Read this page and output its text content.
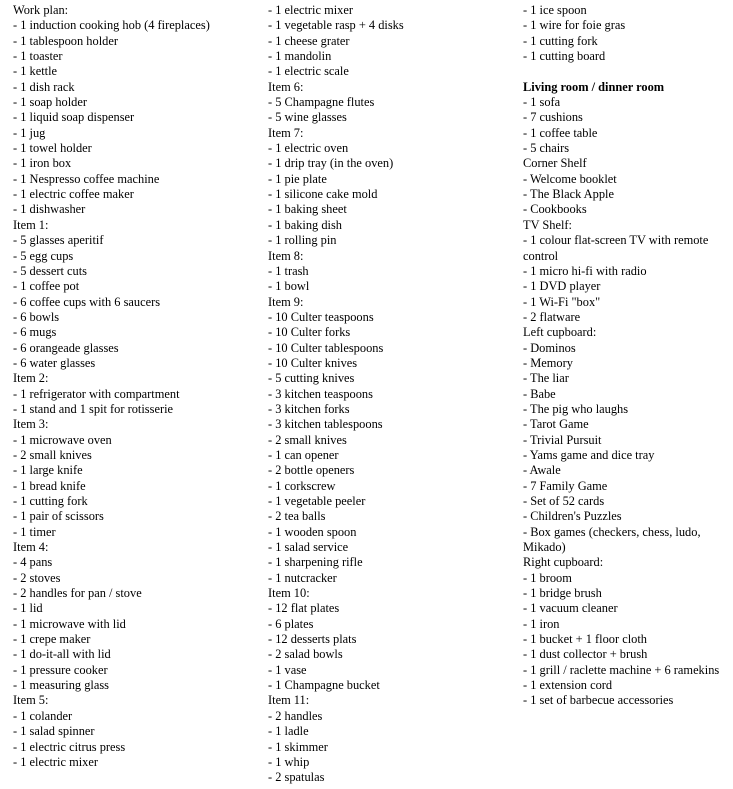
Work plan:
- 1 induction cooking hob (4 fireplaces)
- 1 tablespoon holder
- 1 toaster
- 1 kettle
- 1 dish rack
- 1 soap holder
- 1 liquid soap dispenser
- 1 jug
- 1 towel holder
- 1 iron box
- 1 Nespresso coffee machine
- 1 electric coffee maker
- 1 dishwasher
Item 1:
- 5 glasses aperitif
- 5 egg cups
- 5 dessert cuts
- 1 coffee pot
- 6 coffee cups with 6 saucers
- 6 bowls
- 6 mugs
- 6 orangeade glasses
- 6 water glasses
Item 2:
- 1 refrigerator with compartment
- 1 stand and 1 spit for rotisserie
Item 3:
- 1 microwave oven
- 2 small knives
- 1 large knife
- 1 bread knife
- 1 cutting fork
- 1 pair of scissors
- 1 timer
Item 4:
- 4 pans
- 2 stoves
- 2 handles for pan / stove
- 1 lid
- 1 microwave with lid
- 1 crepe maker
- 1 do-it-all with lid
- 1 pressure cooker
- 1 measuring glass
Item 5:
- 1 colander
- 1 salad spinner
- 1 electric citrus press
- 1 electric mixer
- 1 electric mixer
- 1 vegetable rasp + 4 disks
- 1 cheese grater
- 1 mandolin
- 1 electric scale
Item 6:
- 5 Champagne flutes
- 5 wine glasses
Item 7:
- 1 electric oven
- 1 drip tray (in the oven)
- 1 pie plate
- 1 silicone cake mold
- 1 baking sheet
- 1 baking dish
- 1 rolling pin
Item 8:
- 1 trash
- 1 bowl
Item 9:
- 10 Culter teaspoons
- 10 Culter forks
- 10 Culter tablespoons
- 10 Culter knives
- 5 cutting knives
- 3 kitchen teaspoons
- 3 kitchen forks
- 3 kitchen tablespoons
- 2 small knives
- 1 can opener
- 2 bottle openers
- 1 corkscrew
- 1 vegetable peeler
- 2 tea balls
- 1 wooden spoon
- 1 salad service
- 1 sharpening rifle
- 1 nutcracker
Item 10:
- 12 flat plates
- 6 plates
- 12 desserts plats
- 2 salad bowls
- 1 vase
- 1 Champagne bucket
Item 11:
- 2 handles
- 1 ladle
- 1 skimmer
- 1 whip
- 2 spatulas
- 1 ice spoon
- 1 wire for foie gras
- 1 cutting fork
- 1 cutting board
Living room / dinner room
- 1 sofa
- 7 cushions
- 1 coffee table
- 5 chairs
Corner Shelf
- Welcome booklet
- The Black Apple
- Cookbooks
TV Shelf:
- 1 colour flat-screen TV with remote control
- 1 micro hi-fi with radio
- 1 DVD player
- 1 Wi-Fi "box"
- 2 flatware
Left cupboard:
- Dominos
- Memory
- The liar
- Babe
- The pig who laughs
- Tarot Game
- Trivial Pursuit
- Yams game and dice tray
- Awale
- 7 Family Game
- Set of 52 cards
- Children's Puzzles
- Box games (checkers, chess, ludo, Mikado)
Right cupboard:
- 1 broom
- 1 bridge brush
- 1 vacuum cleaner
- 1 iron
- 1 bucket + 1 floor cloth
- 1 dust collector + brush
- 1 grill / raclette machine + 6 ramekins
- 1 extension cord
- 1 set of barbecue accessories
